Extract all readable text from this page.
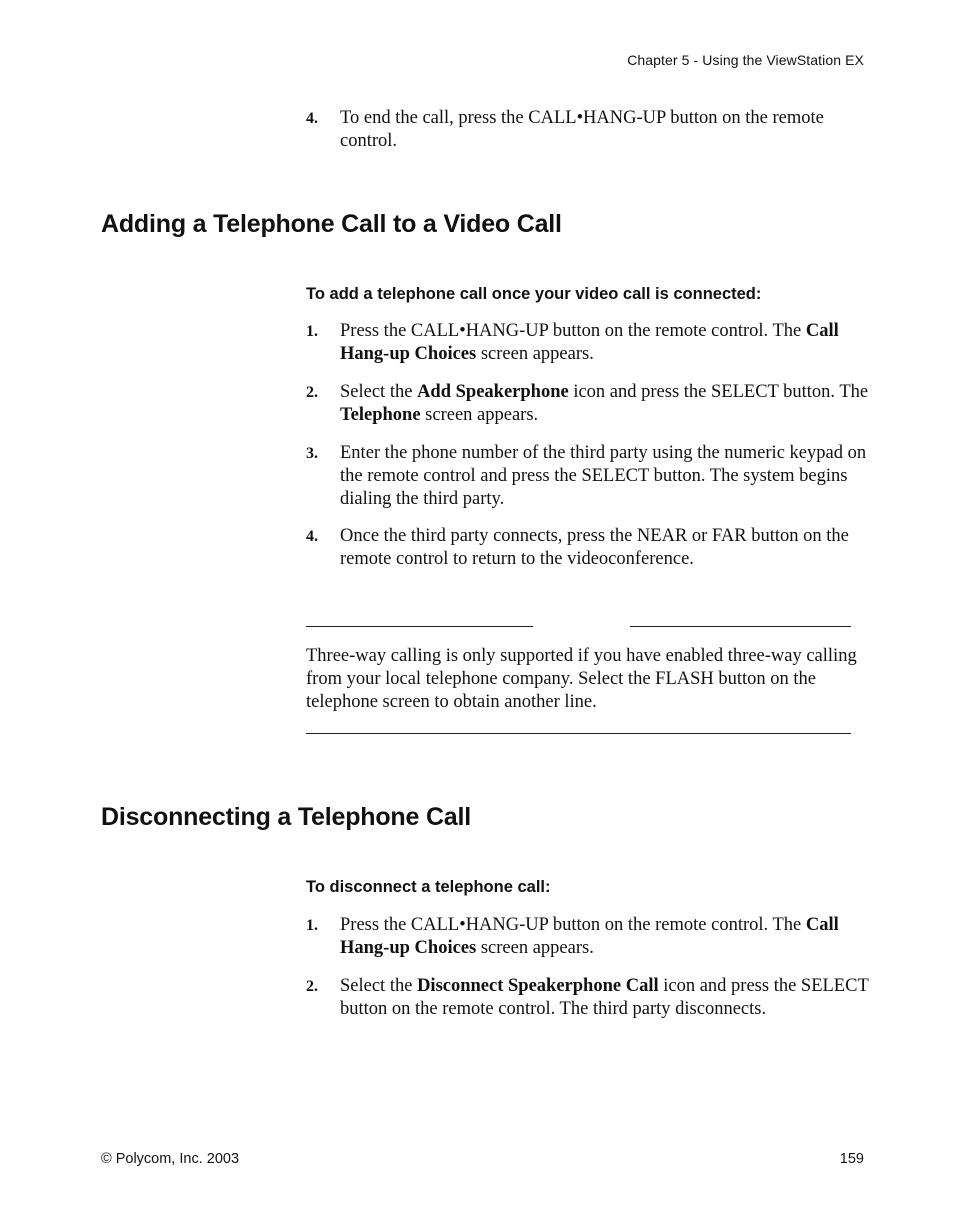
Chapter 5 - Using the ViewStation EX
4. To end the call, press the CALL•HANG-UP button on the remote control.
Adding a Telephone Call to a Video Call
To add a telephone call once your video call is connected:
1. Press the CALL•HANG-UP button on the remote control. The Call Hang-up Choices screen appears.
2. Select the Add Speakerphone icon and press the SELECT button. The Telephone screen appears.
3. Enter the phone number of the third party using the numeric keypad on the remote control and press the SELECT button. The system begins dialing the third party.
4. Once the third party connects, press the NEAR or FAR button on the remote control to return to the videoconference.
Three-way calling is only supported if you have enabled three-way calling from your local telephone company. Select the FLASH button on the telephone screen to obtain another line.
Disconnecting a Telephone Call
To disconnect a telephone call:
1. Press the CALL•HANG-UP button on the remote control. The Call Hang-up Choices screen appears.
2. Select the Disconnect Speakerphone Call icon and press the SELECT button on the remote control. The third party disconnects.
© Polycom, Inc. 2003	159
